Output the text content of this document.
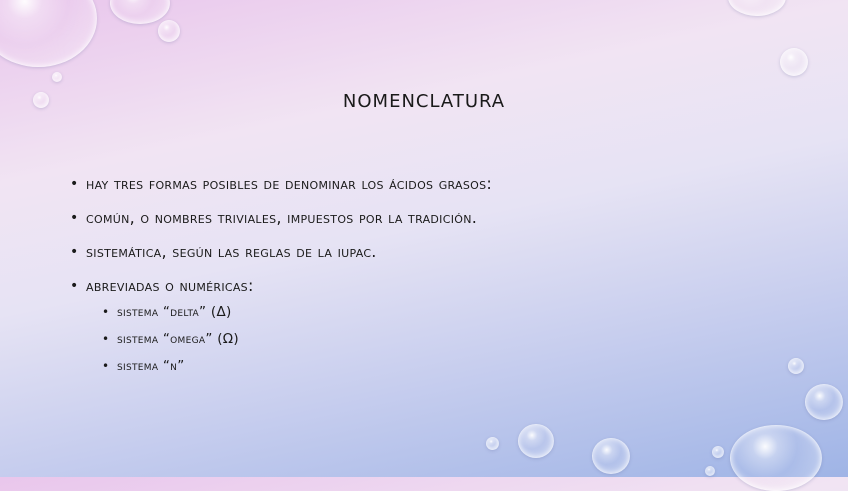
nomenclatura
• hay tres formas posibles de denominar los ácidos grasos:
• común, o nombres triviales, impuestos por la tradición.
• sistemática, según las reglas de la iupac.
• abreviadas o numéricas:
• sistema “delta” (Δ)
• sistema “omega” (Ω)
• sistema “n”
